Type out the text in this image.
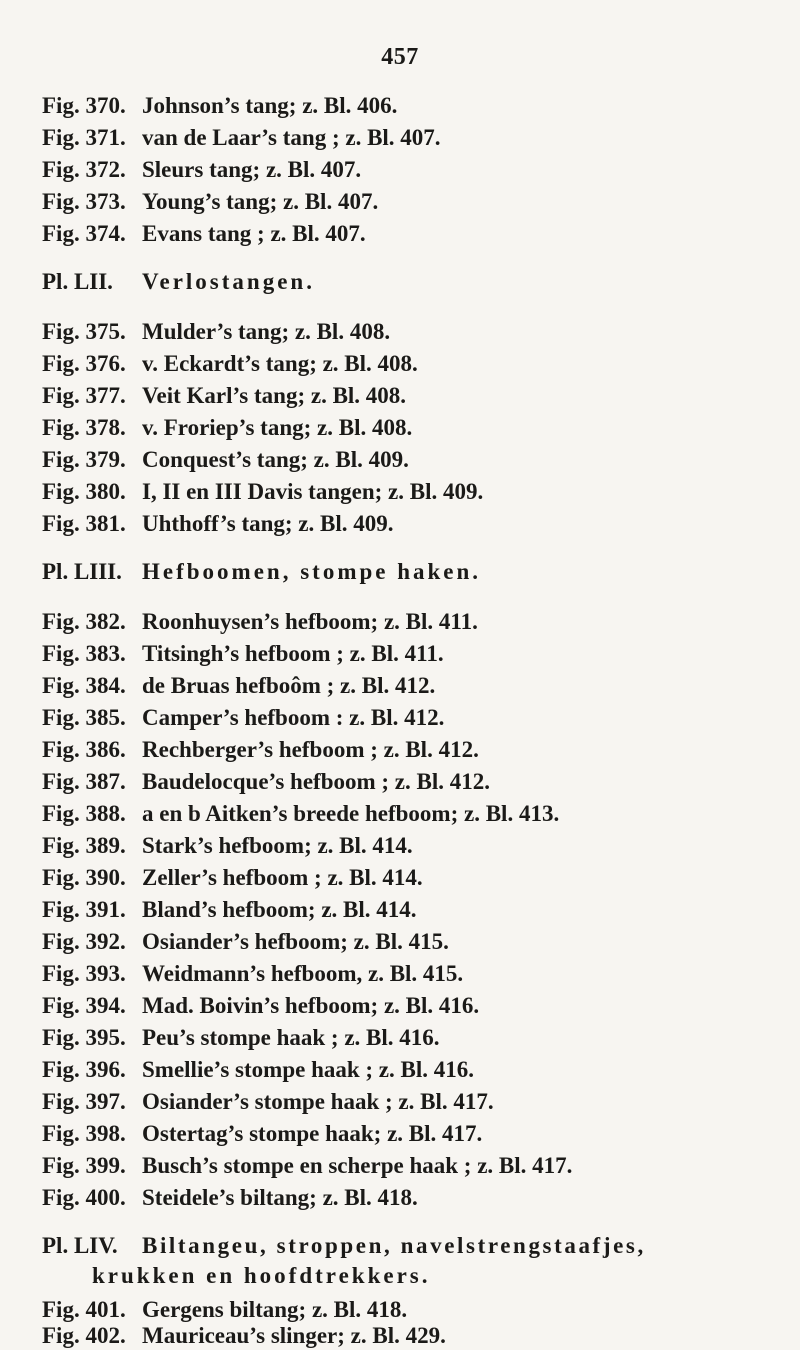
457
Fig. 370. Johnson’s tang; z. Bl. 406.
Fig. 371. van de Laar’s tang ; z. Bl. 407.
Fig. 372. Sleurs tang; z. Bl. 407.
Fig. 373. Young’s tang; z. Bl. 407.
Fig. 374. Evans tang ; z. Bl. 407.
Pl. LII. Verlostangen.
Fig. 375. Mulder’s tang; z. Bl. 408.
Fig. 376. v. Eckardt’s tang; z. Bl. 408.
Fig. 377. Veit Karl’s tang; z. Bl. 408.
Fig. 378. v. Froriep’s tang; z. Bl. 408.
Fig. 379. Conquest’s tang; z. Bl. 409.
Fig. 380. I, II en III Davis tangen; z. Bl. 409.
Fig. 381. Uhthoff’s tang; z. Bl. 409.
Pl. LIII. Hefboomen, stompe haken.
Fig. 382. Roonhuysen’s hefboom; z. Bl. 411.
Fig. 383. Titsingh’s hefboom ; z. Bl. 411.
Fig. 384. de Bruas hefboôm ; z. Bl. 412.
Fig. 385. Camper’s hefboom : z. Bl. 412.
Fig. 386. Rechberger’s hefboom ; z. Bl. 412.
Fig. 387. Baudelocque’s hefboom ; z. Bl. 412.
Fig. 388. a en b Aitken’s breede hefboom; z. Bl. 413.
Fig. 389. Stark’s hefboom; z. Bl. 414.
Fig. 390. Zeller’s hefboom ; z. Bl. 414.
Fig. 391. Bland’s hefboom; z. Bl. 414.
Fig. 392. Osiander’s hefboom; z. Bl. 415.
Fig. 393. Weidmann’s hefboom, z. Bl. 415.
Fig. 394. Mad. Boivin’s hefboom; z. Bl. 416.
Fig. 395. Peu’s stompe haak ; z. Bl. 416.
Fig. 396. Smellie’s stompe haak ; z. Bl. 416.
Fig. 397. Osiander’s stompe haak ; z. Bl. 417.
Fig. 398. Ostertag’s stompe haak; z. Bl. 417.
Fig. 399. Busch’s stompe en scherpe haak ; z. Bl. 417.
Fig. 400. Steidele’s biltang; z. Bl. 418.
Pl. LIV. Biltangeu, stroppen, navelstrengstaafjes,
krukken en hoofdtrekkers.
Fig. 401. Gergens biltang; z. Bl. 418.
Fig. 402. Mauriceau’s slinger; z. Bl. 429.
